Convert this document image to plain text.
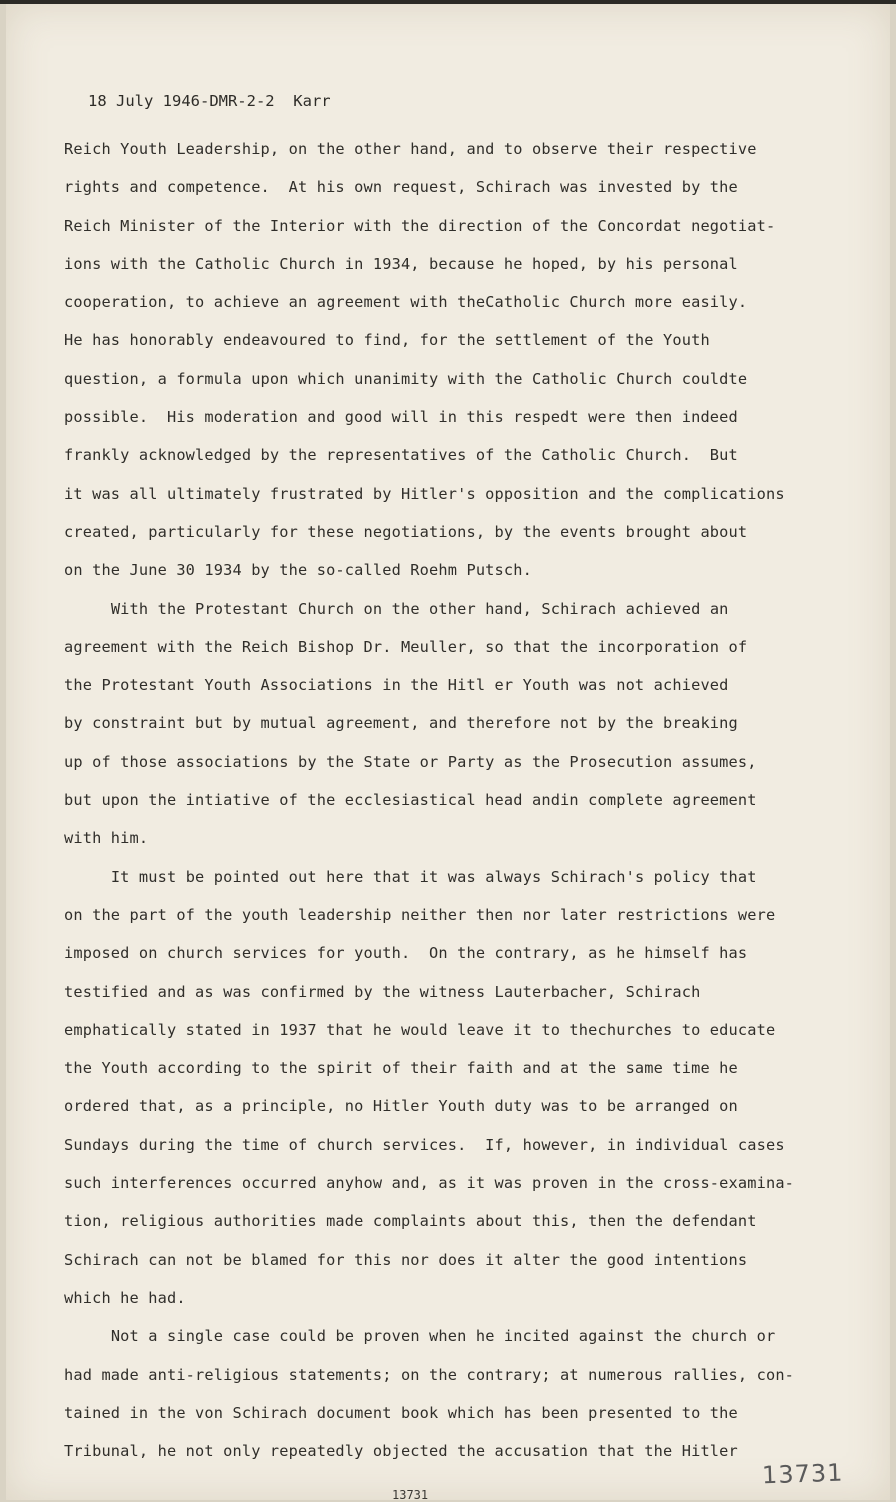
18 July 1946-DMR-2-2  Karr
Reich Youth Leadership, on the other hand, and to observe their respective
rights and competence.  At his own request, Schirach was invested by the
Reich Minister of the Interior with the direction of the Concordat negotiat-
ions with the Catholic Church in 1934, because he hoped, by his personal
cooperation, to achieve an agreement with theCatholic Church more easily.
He has honorably endeavoured to find, for the settlement of the Youth
question, a formula upon which unanimity with the Catholic Church couldte
possible.  His moderation and good will in this respedt were then indeed
frankly acknowledged by the representatives of the Catholic Church.  But
it was all ultimately frustrated by Hitler's opposition and the complications
created, particularly for these negotiations, by the events brought about
on the June 30 1934 by the so-called Roehm Putsch.
With the Protestant Church on the other hand, Schirach achieved an
agreement with the Reich Bishop Dr. Meuller, so that the incorporation of
the Protestant Youth Associations in the Hitl er Youth was not achieved
by constraint but by mutual agreement, and therefore not by the breaking
up of those associations by the State or Party as the Prosecution assumes,
but upon the intiative of the ecclesiastical head andin complete agreement
with him.
It must be pointed out here that it was always Schirach's policy that
on the part of the youth leadership neither then nor later restrictions were
imposed on church services for youth.  On the contrary, as he himself has
testified and as was confirmed by the witness Lauterbacher, Schirach
emphatically stated in 1937 that he would leave it to thechurches to educate
the Youth according to the spirit of their faith and at the same time he
ordered that, as a principle, no Hitler Youth duty was to be arranged on
Sundays during the time of church services.  If, however, in individual cases
such interferences occurred anyhow and, as it was proven in the cross-examina-
tion, religious authorities made complaints about this, then the defendant
Schirach can not be blamed for this nor does it alter the good intentions
which he had.
Not a single case could be proven when he incited against the church or
had made anti-religious statements; on the contrary; at numerous rallies, con-
tained in the von Schirach document book which has been presented to the
Tribunal, he not only repeatedly objected the accusation that the Hitler
13731
13731
